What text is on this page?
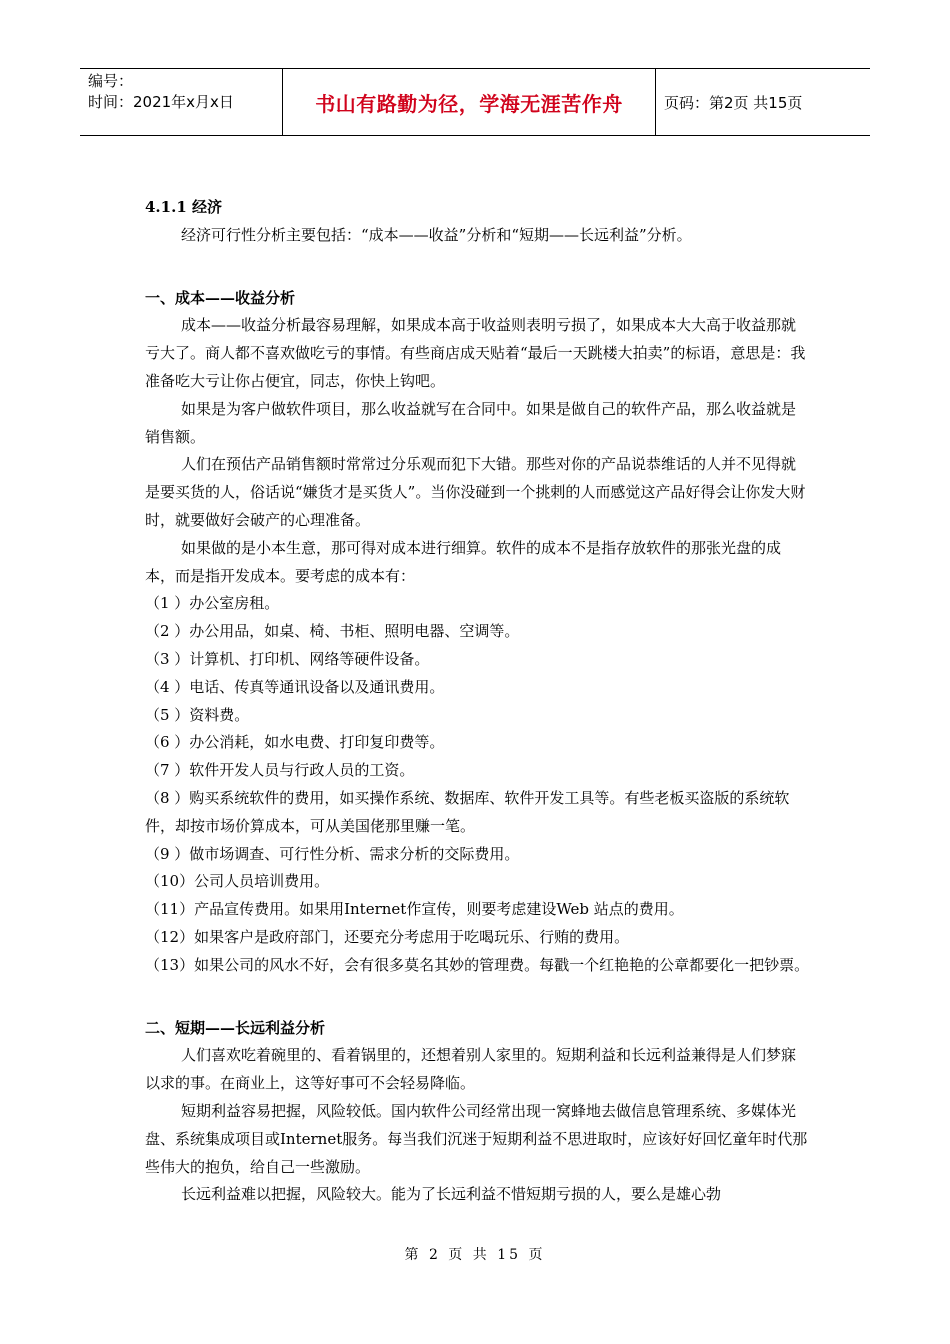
编号：
时间：2021年x月x日	书山有路勤为径，学海无涯苦作舟	页码：第2页 共15页

4.1.1 经济

经济可行性分析主要包括：“成本——收益”分析和“短期——长远利益”分析。

一、成本——收益分析

成本——收益分析最容易理解，如果成本高于收益则表明亏损了，如果成本大大高于收益那就亏大了。商人都不喜欢做吃亏的事情。有些商店成天贴着“最后一天跳楼大拍卖”的标语，意思是：我准备吃大亏让你占便宜，同志，你快上钩吧。

如果是为客户做软件项目，那么收益就写在合同中。如果是做自己的软件产品，那么收益就是销售额。

人们在预估产品销售额时常常过分乐观而犯下大错。那些对你的产品说恭维话的人并不见得就是要买货的人，俗话说“嫌货才是买货人”。当你没碰到一个挑剌的人而感觉这产品好得会让你发大财时，就要做好会破产的心理准备。

如果做的是小本生意，那可得对成本进行细算。软件的成本不是指存放软件的那张光盘的成本，而是指开发成本。要考虑的成本有：

（1 ）办公室房租。

（2 ）办公用品，如桌、椅、书柜、照明电器、空调等。

（3 ）计算机、打印机、网络等硬件设备。

（4 ）电话、传真等通讯设备以及通讯费用。

（5 ）资料费。

（6 ）办公消耗，如水电费、打印复印费等。

（7 ）软件开发人员与行政人员的工资。

（8 ）购买系统软件的费用，如买操作系统、数据库、软件开发工具等。有些老板买盗版的系统软件，却按市场价算成本，可从美国佬那里赚一笔。

（9 ）做市场调查、可行性分析、需求分析的交际费用。

（10）公司人员培训费用。

（11）产品宣传费用。如果用Internet作宣传，则要考虑建设Web 站点的费用。

（12）如果客户是政府部门，还要充分考虑用于吃喝玩乐、行贿的费用。

（13）如果公司的风水不好，会有很多莫名其妙的管理费。每戳一个红艳艳的公章都要化一把钞票。

二、短期——长远利益分析

人们喜欢吃着碗里的、看着锅里的，还想着别人家里的。短期利益和长远利益兼得是人们梦寐以求的事。在商业上，这等好事可不会轻易降临。

短期利益容易把握，风险较低。国内软件公司经常出现一窝蜂地去做信息管理系统、多媒体光盘、系统集成项目或Internet服务。每当我们沉迷于短期利益不思进取时，应该好好回忆童年时代那些伟大的抱负，给自己一些激励。

长远利益难以把握，风险较大。能为了长远利益不惜短期亏损的人，要么是雄心勃

第 2 页 共 15 页
